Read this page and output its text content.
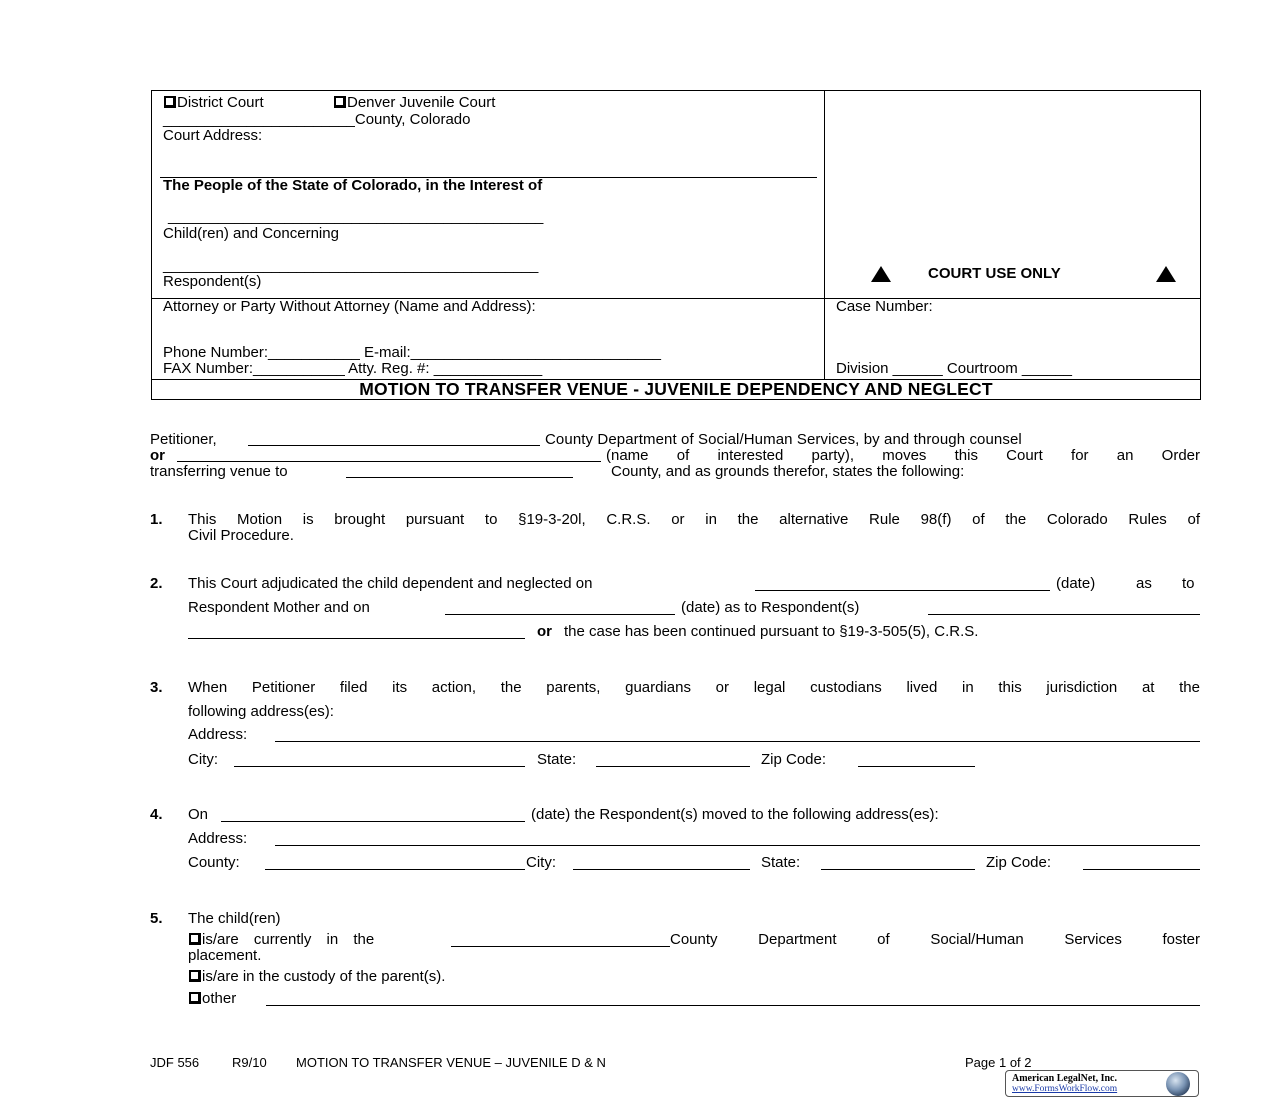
District Court	Denver Juvenile Court
_______________________County, Colorado
Court Address:
The People of the State of Colorado, in the Interest of
_____________________________________________
Child(ren) and Concerning
_____________________________________________
Respondent(s)	COURT USE ONLY
Attorney or Party Without Attorney (Name and Address):
Phone Number:___________ E-mail:______________________________
FAX Number:___________ Atty. Reg. #: _____________
Case Number:
Division ______ Courtroom ______
MOTION TO TRANSFER VENUE - JUVENILE DEPENDENCY AND NEGLECT
Petitioner,	County Department of Social/Human Services, by and through counsel
or	(name of interested party), moves this Court for an Order
transferring venue to	County, and as grounds therefor, states the following:
1. This Motion is brought pursuant to §19-3-20l, C.R.S. or in the alternative Rule 98(f) of the Colorado Rules of
Civil Procedure.
2. This Court adjudicated the child dependent and neglected on	(date)	as to
Respondent Mother and on	(date) as to Respondent(s)
or the case has been continued pursuant to §19-3-505(5), C.R.S.
3. When Petitioner filed its action, the parents, guardians or legal custodians lived in this jurisdiction at the
following address(es):
Address:
City:	State:	Zip Code:
4. On	(date) the Respondent(s) moved to the following address(es):
Address:
County:	City:	State:	Zip Code:
5. The child(ren)
is/are currently in the	County Department of Social/Human Services foster
placement.
is/are in the custody of the parent(s).
other
JDF 556	R9/10 MOTION TO TRANSFER VENUE – JUVENILE D & N	Page 1 of 2
American LegalNet, Inc.
www.FormsWorkFlow.com
